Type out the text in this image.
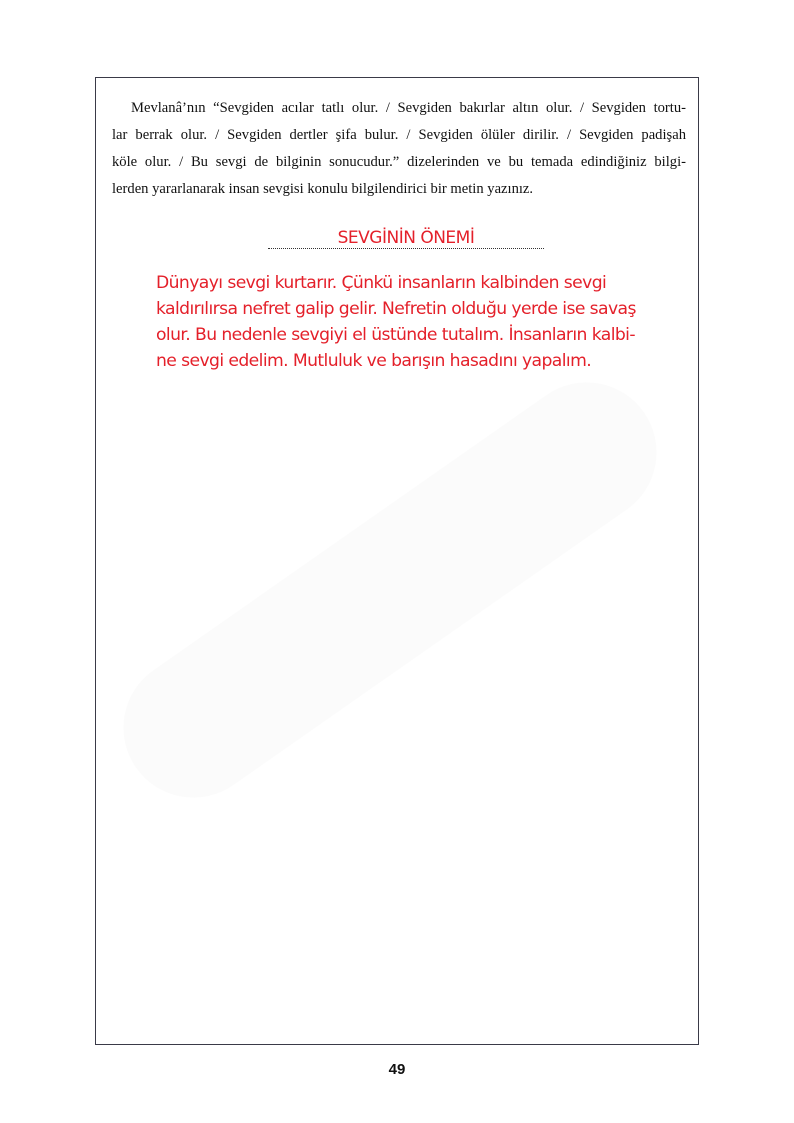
Mevlanâ’nın “Sevgiden acılar tatlı olur. / Sevgiden bakırlar altın olur. / Sevgiden tortu-
lar berrak olur. / Sevgiden dertler şifa bulur. / Sevgiden ölüler dirilir. / Sevgiden padişah
köle olur. / Bu sevgi de bilginin sonucudur.” dizelerinden ve bu temada edindiğiniz bilgi-
lerden yararlanarak insan sevgisi konulu bilgilendirici bir metin yazınız.
SEVGİNİN ÖNEMİ
Dünyayı sevgi kurtarır. Çünkü insanların kalbinden sevgi
kaldırılırsa nefret galip gelir. Nefretin olduğu yerde ise savaş
olur. Bu nedenle sevgiyi el üstünde tutalım. İnsanların kalbi-
ne sevgi edelim. Mutluluk ve barışın hasadını yapalım.
49
